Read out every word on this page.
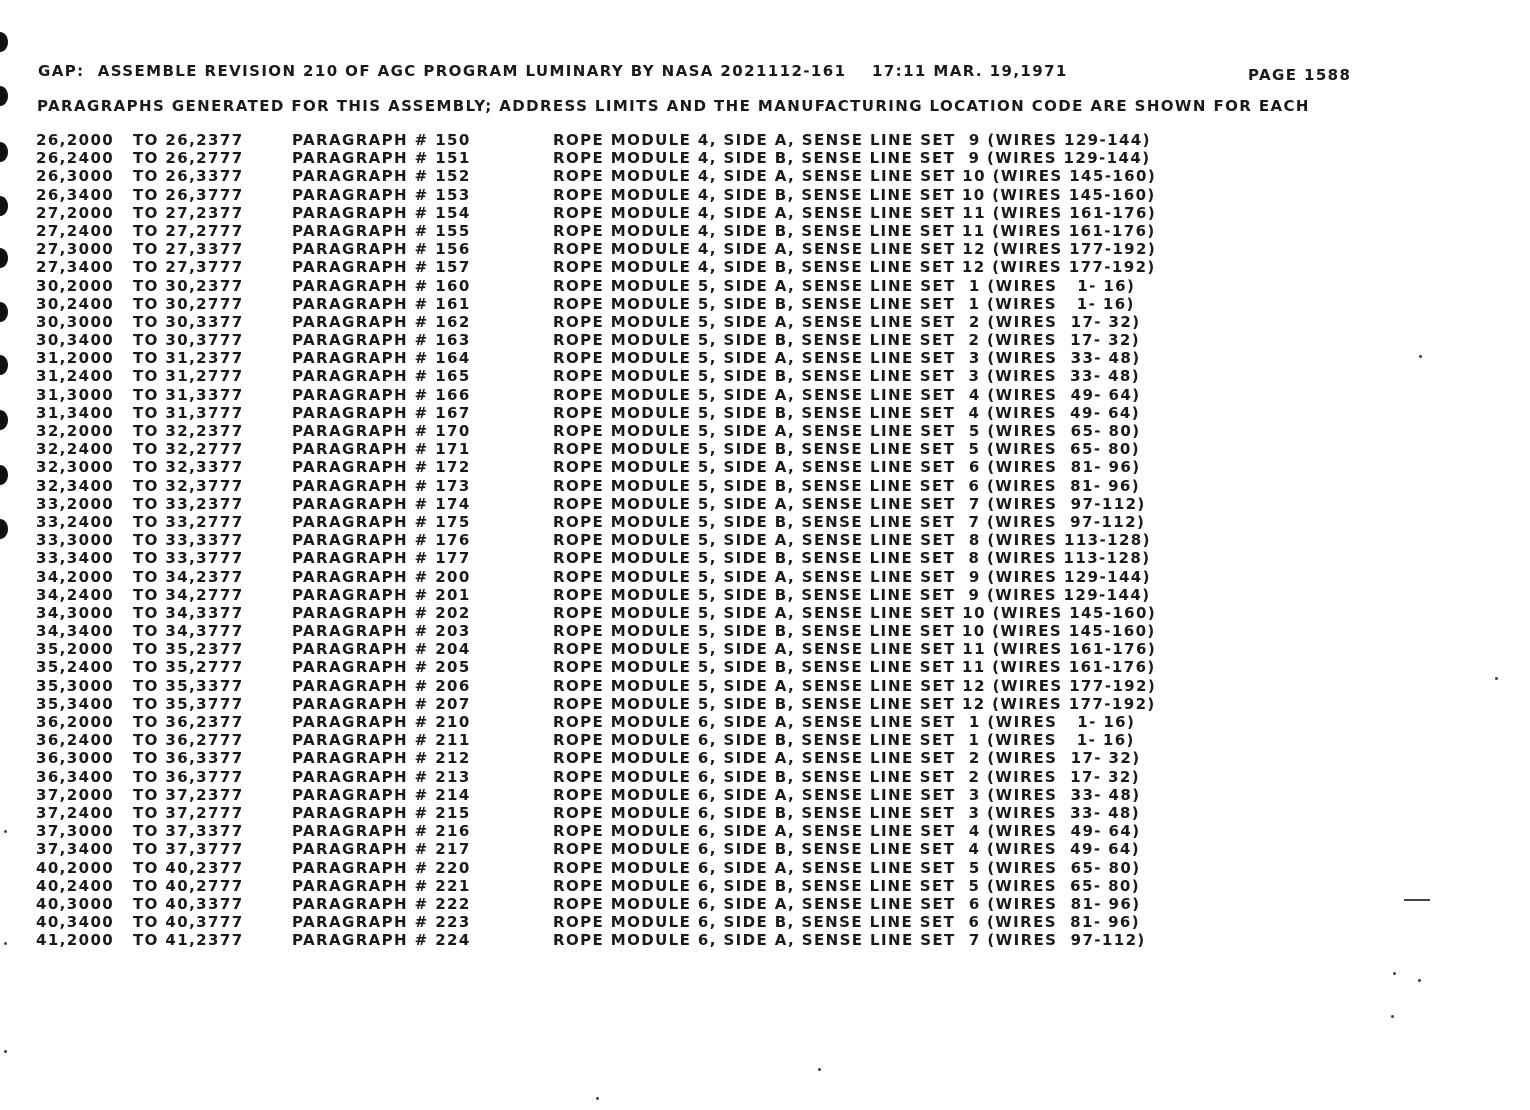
GAP:  ASSEMBLE REVISION 210 OF AGC PROGRAM LUMINARY BY NASA 2021112-161 17:11 MAR. 19,1971	PAGE 1588
PARAGRAPHS GENERATED FOR THIS ASSEMBLY; ADDRESS LIMITS AND THE MANUFACTURING LOCATION CODE ARE SHOWN FOR EACH
26,2000 TO 26,2377	PARAGRAPH # 150	ROPE MODULE 4, SIDE A, SENSE LINE SET  9 (WIRES 129-144)
26,2400 TO 26,2777	PARAGRAPH # 151	ROPE MODULE 4, SIDE B, SENSE LINE SET  9 (WIRES 129-144)
26,3000 TO 26,3377	PARAGRAPH # 152	ROPE MODULE 4, SIDE A, SENSE LINE SET 10 (WIRES 145-160)
26,3400 TO 26,3777	PARAGRAPH # 153	ROPE MODULE 4, SIDE B, SENSE LINE SET 10 (WIRES 145-160)
27,2000 TO 27,2377	PARAGRAPH # 154	ROPE MODULE 4, SIDE A, SENSE LINE SET 11 (WIRES 161-176)
27,2400 TO 27,2777	PARAGRAPH # 155	ROPE MODULE 4, SIDE B, SENSE LINE SET 11 (WIRES 161-176)
27,3000 TO 27,3377	PARAGRAPH # 156	ROPE MODULE 4, SIDE A, SENSE LINE SET 12 (WIRES 177-192)
27,3400 TO 27,3777	PARAGRAPH # 157	ROPE MODULE 4, SIDE B, SENSE LINE SET 12 (WIRES 177-192)
30,2000 TO 30,2377	PARAGRAPH # 160	ROPE MODULE 5, SIDE A, SENSE LINE SET  1 (WIRES   1- 16)
30,2400 TO 30,2777	PARAGRAPH # 161	ROPE MODULE 5, SIDE B, SENSE LINE SET  1 (WIRES   1- 16)
30,3000 TO 30,3377	PARAGRAPH # 162	ROPE MODULE 5, SIDE A, SENSE LINE SET  2 (WIRES  17- 32)
30,3400 TO 30,3777	PARAGRAPH # 163	ROPE MODULE 5, SIDE B, SENSE LINE SET  2 (WIRES  17- 32)
31,2000 TO 31,2377	PARAGRAPH # 164	ROPE MODULE 5, SIDE A, SENSE LINE SET  3 (WIRES  33- 48)
31,2400 TO 31,2777	PARAGRAPH # 165	ROPE MODULE 5, SIDE B, SENSE LINE SET  3 (WIRES  33- 48)
31,3000 TO 31,3377	PARAGRAPH # 166	ROPE MODULE 5, SIDE A, SENSE LINE SET  4 (WIRES  49- 64)
31,3400 TO 31,3777	PARAGRAPH # 167	ROPE MODULE 5, SIDE B, SENSE LINE SET  4 (WIRES  49- 64)
32,2000 TO 32,2377	PARAGRAPH # 170	ROPE MODULE 5, SIDE A, SENSE LINE SET  5 (WIRES  65- 80)
32,2400 TO 32,2777	PARAGRAPH # 171	ROPE MODULE 5, SIDE B, SENSE LINE SET  5 (WIRES  65- 80)
32,3000 TO 32,3377	PARAGRAPH # 172	ROPE MODULE 5, SIDE A, SENSE LINE SET  6 (WIRES  81- 96)
32,3400 TO 32,3777	PARAGRAPH # 173	ROPE MODULE 5, SIDE B, SENSE LINE SET  6 (WIRES  81- 96)
33,2000 TO 33,2377	PARAGRAPH # 174	ROPE MODULE 5, SIDE A, SENSE LINE SET  7 (WIRES  97-112)
33,2400 TO 33,2777	PARAGRAPH # 175	ROPE MODULE 5, SIDE B, SENSE LINE SET  7 (WIRES  97-112)
33,3000 TO 33,3377	PARAGRAPH # 176	ROPE MODULE 5, SIDE A, SENSE LINE SET  8 (WIRES 113-128)
33,3400 TO 33,3777	PARAGRAPH # 177	ROPE MODULE 5, SIDE B, SENSE LINE SET  8 (WIRES 113-128)
34,2000 TO 34,2377	PARAGRAPH # 200	ROPE MODULE 5, SIDE A, SENSE LINE SET  9 (WIRES 129-144)
34,2400 TO 34,2777	PARAGRAPH # 201	ROPE MODULE 5, SIDE B, SENSE LINE SET  9 (WIRES 129-144)
34,3000 TO 34,3377	PARAGRAPH # 202	ROPE MODULE 5, SIDE A, SENSE LINE SET 10 (WIRES 145-160)
34,3400 TO 34,3777	PARAGRAPH # 203	ROPE MODULE 5, SIDE B, SENSE LINE SET 10 (WIRES 145-160)
35,2000 TO 35,2377	PARAGRAPH # 204	ROPE MODULE 5, SIDE A, SENSE LINE SET 11 (WIRES 161-176)
35,2400 TO 35,2777	PARAGRAPH # 205	ROPE MODULE 5, SIDE B, SENSE LINE SET 11 (WIRES 161-176)
35,3000 TO 35,3377	PARAGRAPH # 206	ROPE MODULE 5, SIDE A, SENSE LINE SET 12 (WIRES 177-192)
35,3400 TO 35,3777	PARAGRAPH # 207	ROPE MODULE 5, SIDE B, SENSE LINE SET 12 (WIRES 177-192)
36,2000 TO 36,2377	PARAGRAPH # 210	ROPE MODULE 6, SIDE A, SENSE LINE SET  1 (WIRES   1- 16)
36,2400 TO 36,2777	PARAGRAPH # 211	ROPE MODULE 6, SIDE B, SENSE LINE SET  1 (WIRES   1- 16)
36,3000 TO 36,3377	PARAGRAPH # 212	ROPE MODULE 6, SIDE A, SENSE LINE SET  2 (WIRES  17- 32)
36,3400 TO 36,3777	PARAGRAPH # 213	ROPE MODULE 6, SIDE B, SENSE LINE SET  2 (WIRES  17- 32)
37,2000 TO 37,2377	PARAGRAPH # 214	ROPE MODULE 6, SIDE A, SENSE LINE SET  3 (WIRES  33- 48)
37,2400 TO 37,2777	PARAGRAPH # 215	ROPE MODULE 6, SIDE B, SENSE LINE SET  3 (WIRES  33- 48)
37,3000 TO 37,3377	PARAGRAPH # 216	ROPE MODULE 6, SIDE A, SENSE LINE SET  4 (WIRES  49- 64)
37,3400 TO 37,3777	PARAGRAPH # 217	ROPE MODULE 6, SIDE B, SENSE LINE SET  4 (WIRES  49- 64)
40,2000 TO 40,2377	PARAGRAPH # 220	ROPE MODULE 6, SIDE A, SENSE LINE SET  5 (WIRES  65- 80)
40,2400 TO 40,2777	PARAGRAPH # 221	ROPE MODULE 6, SIDE B, SENSE LINE SET  5 (WIRES  65- 80)
40,3000 TO 40,3377	PARAGRAPH # 222	ROPE MODULE 6, SIDE A, SENSE LINE SET  6 (WIRES  81- 96)
40,3400 TO 40,3777	PARAGRAPH # 223	ROPE MODULE 6, SIDE B, SENSE LINE SET  6 (WIRES  81- 96)
41,2000 TO 41,2377	PARAGRAPH # 224	ROPE MODULE 6, SIDE A, SENSE LINE SET  7 (WIRES  97-112)
